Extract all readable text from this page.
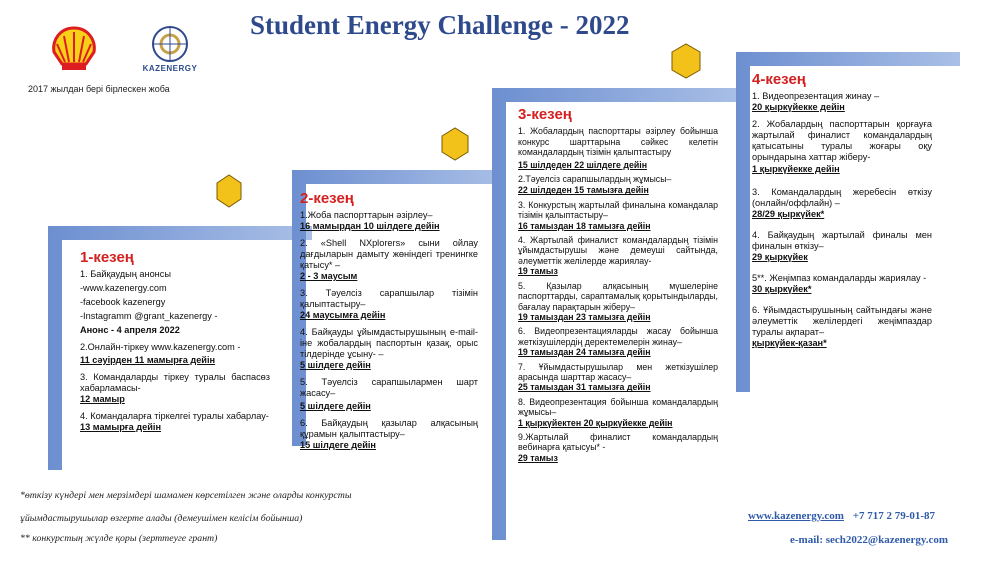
KAZENERGY
Student Energy Challenge - 2022
2017 жылдан бері бірлескен жоба
1-кезең

1. Байқаудың анонсы

-www.kazenergy.com

-facebook kazenergy

-Instagramm @grant_kazenergy -

Анонс - 4 апреля 2022

2.Онлайн-тіркеу www.kazenergy.com -

11 сәуірден 11 мамырға дейін

3. Командаларды тіркеу туралы баспасөз хабарламасы-

12 мамыр

4. Командаларға тіркелгеі туралы хабарлау-

13 мамырға дейін

2-кезең

1.Жоба паспорттарын әзірлеу–

16 мамырдан 10 шілдеге дейін

2. «Shell NXplorers» сыни ойлау дағдыларын дамыту жөніндегі тренингке қатысу* –

2 - 3 маусым

3. Тәуелсіз сарапшылар тізімін қалыптастыру–

24 маусымға дейін

4. Байқауды ұйымдастырушының e-mail-іне жобалардың паспортын қазақ, орыс тілдерінде ұсыну- –

5 шілдеге дейін

5. Тәуелсіз сарапшылармен шарт жасасу–

5 шілдеге дейін

6. Байқаудың қазылар алқасының құрамын қалыптастыру–

15 шілдеге дейін

3-кезең

1. Жобалардың паспорттары әзірлеу бойынша конкурс шарттарына сәйкес келетін командалардың тізімін қалыптастыру

15 шілдеден 22 шілдеге дейін

2.Тәуелсіз сарапшылардың жұмысы–

22 шілдеден 15 тамызға дейін

3. Конкурстың жартылай финалына командалар тізімін қалыптастыру–

16 тамыздан 18 тамызға дейін

4. Жартылай финалист командалардың тізімін ұйымдастырушы және демеуші сайтында, әлеуметтік желілерде жариялау-

19 тамыз

5. Қазылар алқасының мүшелеріне паспорттарды, сараптамалық қорытындыларды, бағалау парақтарын жіберу–

19 тамыздан 23 тамызға дейін

6. Видеопрезентацияларды жасау бойынша жеткізушілердің деректемелерін жинау–

19 тамыздан 24 тамызға дейін

7. Ұйымдастырушылар мен жеткізушілер арасында шарттар жасасу–

25 тамыздан 31 тамызға дейін

8. Видеопрезентация бойынша командалардың жұмысы–

1 қыркүйектен 20 қыркүйекке дейін

9.Жартылай финалист командалардың вебинарға қатысуы* -

29 тамыз

4-кезең

1. Видеопрезентация жинау –

20 қыркүйекке дейін

2. Жобалардың паспорттарын қорғауға жартылай финалист командалардың қатысатыны туралы жоғары оқу орындарына хаттар жіберу-

1 қыркүйекке дейін

3. Командалардың жеребесін өткізу (онлайн/оффлайн) –

28/29 қыркүйек*

4. Байқаудың жартылай финалы мен финалын өткізу–

29 қыркүйек

5**. Жеңімпаз командаларды жариялау -

30 қыркүйек*

6. Ұйымдастырушының сайтындағы және әлеуметтік желілердегі жеңімпаздар туралы ақпарат–

қыркүйек-қазан*

*өткізу күндері мен мерзімдері шамамен көрсетілген және оларды конкурсты
ұйымдастырушылар өзгерте алады (демеушімен келісім бойынша)
** конкурстың жүлде қоры (зерттеуге грант)
www.kazenergy.com +7 717 2 79-01-87
e-mail: sech2022@kazenergy.com
